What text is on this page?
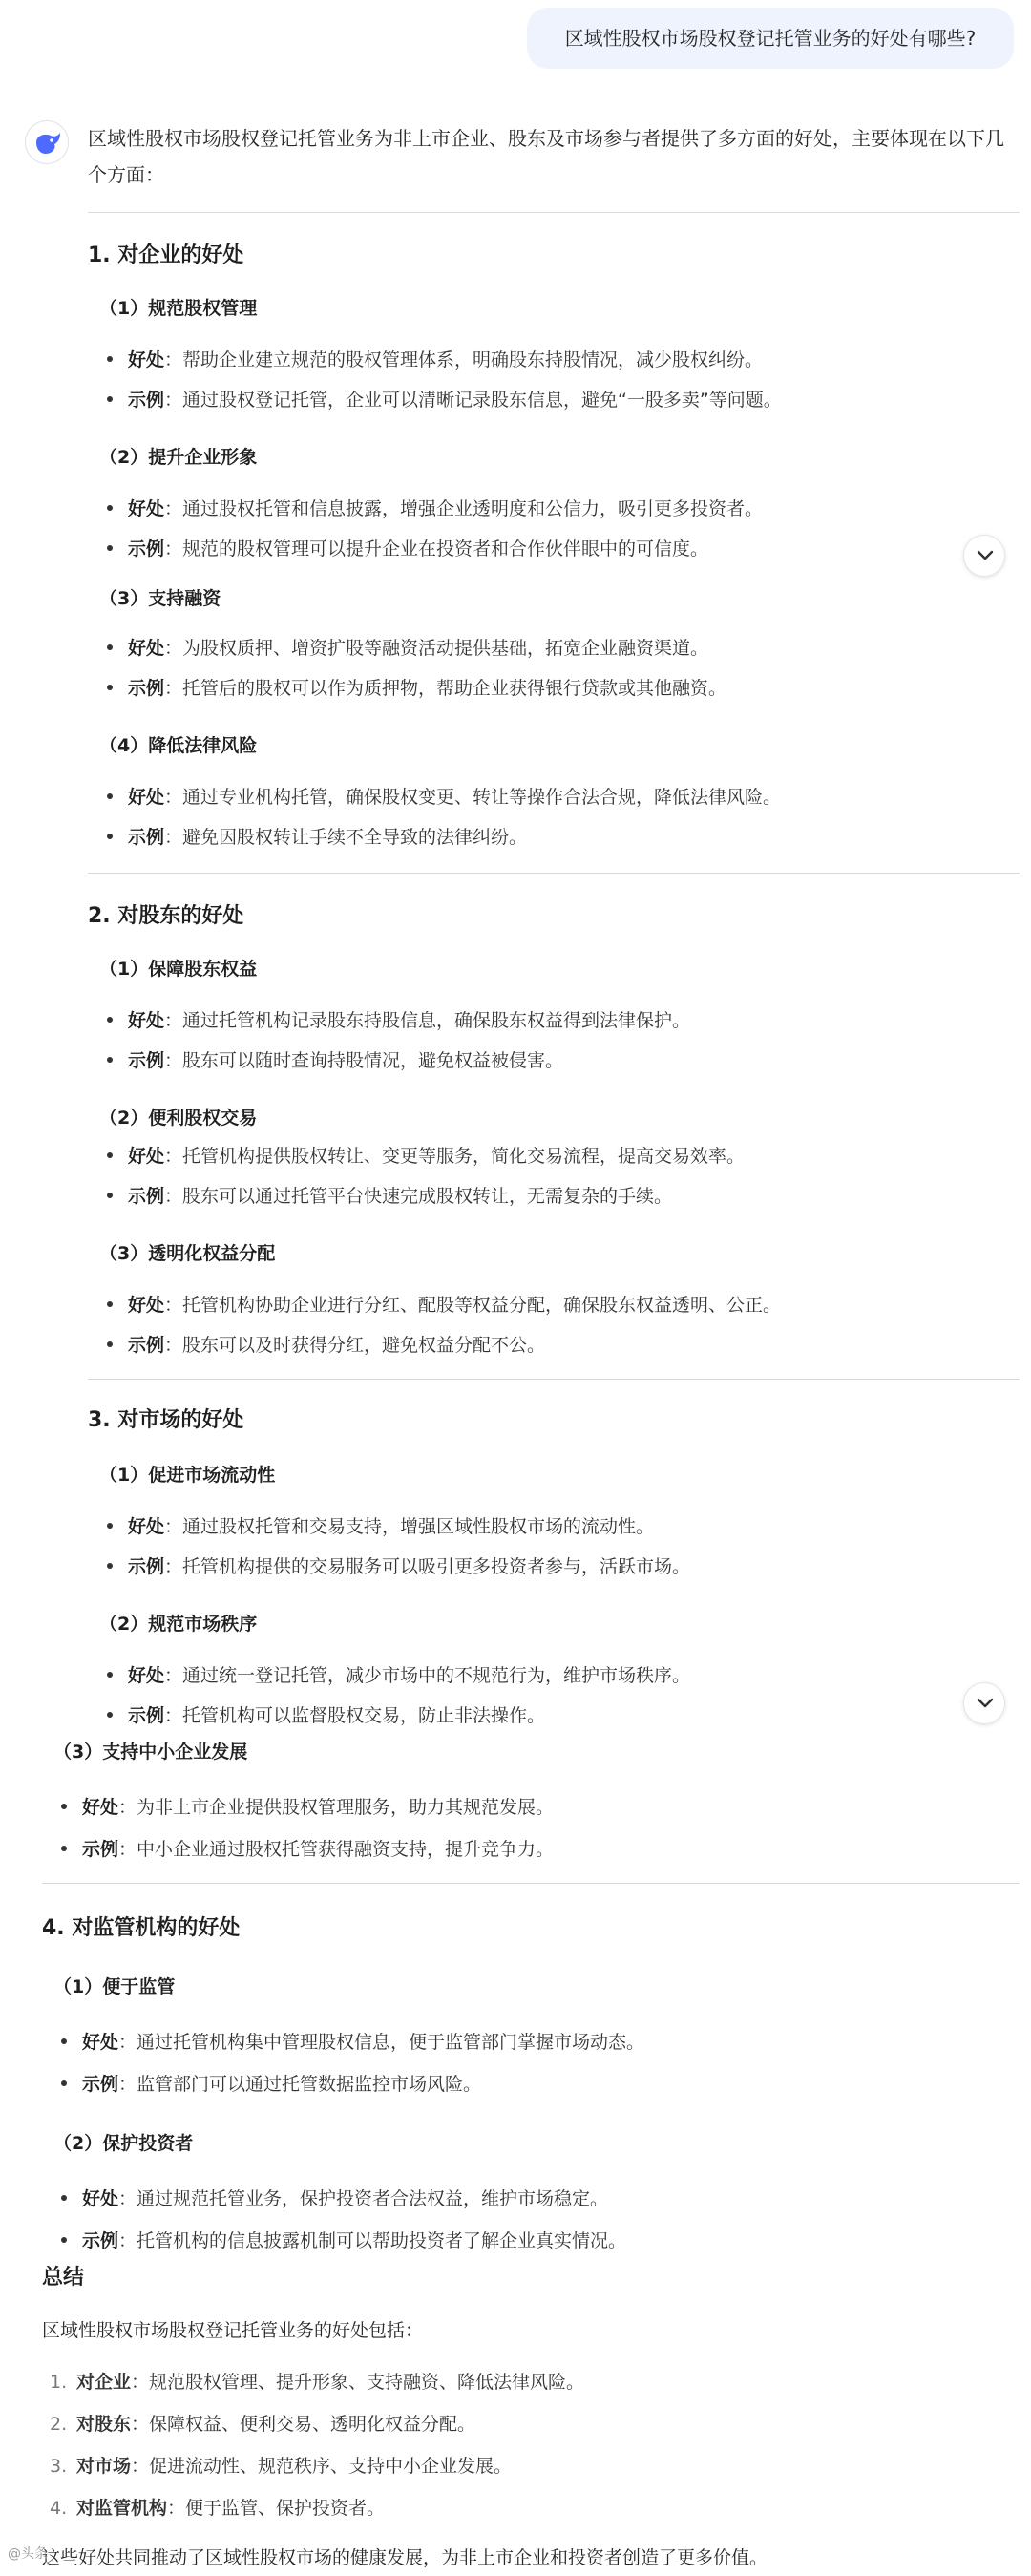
区域性股权市场股权登记托管业务的好处有哪些?
区域性股权市场股权登记托管业务为非上市企业、股东及市场参与者提供了多方面的好处，主要体现在以下几个方面：
1. 对企业的好处
（1）规范股权管理
好处：帮助企业建立规范的股权管理体系，明确股东持股情况，减少股权纠纷。
示例：通过股权登记托管，企业可以清晰记录股东信息，避免“一股多卖”等问题。
（2）提升企业形象
好处：通过股权托管和信息披露，增强企业透明度和公信力，吸引更多投资者。
示例：规范的股权管理可以提升企业在投资者和合作伙伴眼中的可信度。
（3）支持融资
好处：为股权质押、增资扩股等融资活动提供基础，拓宽企业融资渠道。
示例：托管后的股权可以作为质押物，帮助企业获得银行贷款或其他融资。
（4）降低法律风险
好处：通过专业机构托管，确保股权变更、转让等操作合法合规，降低法律风险。
示例：避免因股权转让手续不全导致的法律纠纷。
2. 对股东的好处
（1）保障股东权益
好处：通过托管机构记录股东持股信息，确保股东权益得到法律保护。
示例：股东可以随时查询持股情况，避免权益被侵害。
（2）便利股权交易
好处：托管机构提供股权转让、变更等服务，简化交易流程，提高交易效率。
示例：股东可以通过托管平台快速完成股权转让，无需复杂的手续。
（3）透明化权益分配
好处：托管机构协助企业进行分红、配股等权益分配，确保股东权益透明、公正。
示例：股东可以及时获得分红，避免权益分配不公。
3. 对市场的好处
（1）促进市场流动性
好处：通过股权托管和交易支持，增强区域性股权市场的流动性。
示例：托管机构提供的交易服务可以吸引更多投资者参与，活跃市场。
（2）规范市场秩序
好处：通过统一登记托管，减少市场中的不规范行为，维护市场秩序。
示例：托管机构可以监督股权交易，防止非法操作。
（3）支持中小企业发展
好处：为非上市企业提供股权管理服务，助力其规范发展。
示例：中小企业通过股权托管获得融资支持，提升竞争力。
4. 对监管机构的好处
（1）便于监管
好处：通过托管机构集中管理股权信息，便于监管部门掌握市场动态。
示例：监管部门可以通过托管数据监控市场风险。
（2）保护投资者
好处：通过规范托管业务，保护投资者合法权益，维护市场稳定。
示例：托管机构的信息披露机制可以帮助投资者了解企业真实情况。
总结
区域性股权市场股权登记托管业务的好处包括：
1. 对企业：规范股权管理、提升形象、支持融资、降低法律风险。
2. 对股东：保障权益、便利交易、透明化权益分配。
3. 对市场：促进流动性、规范秩序、支持中小企业发展。
4. 对监管机构：便于监管、保护投资者。
这些好处共同推动了区域性股权市场的健康发展，为非上市企业和投资者创造了更多价值。
@头条
